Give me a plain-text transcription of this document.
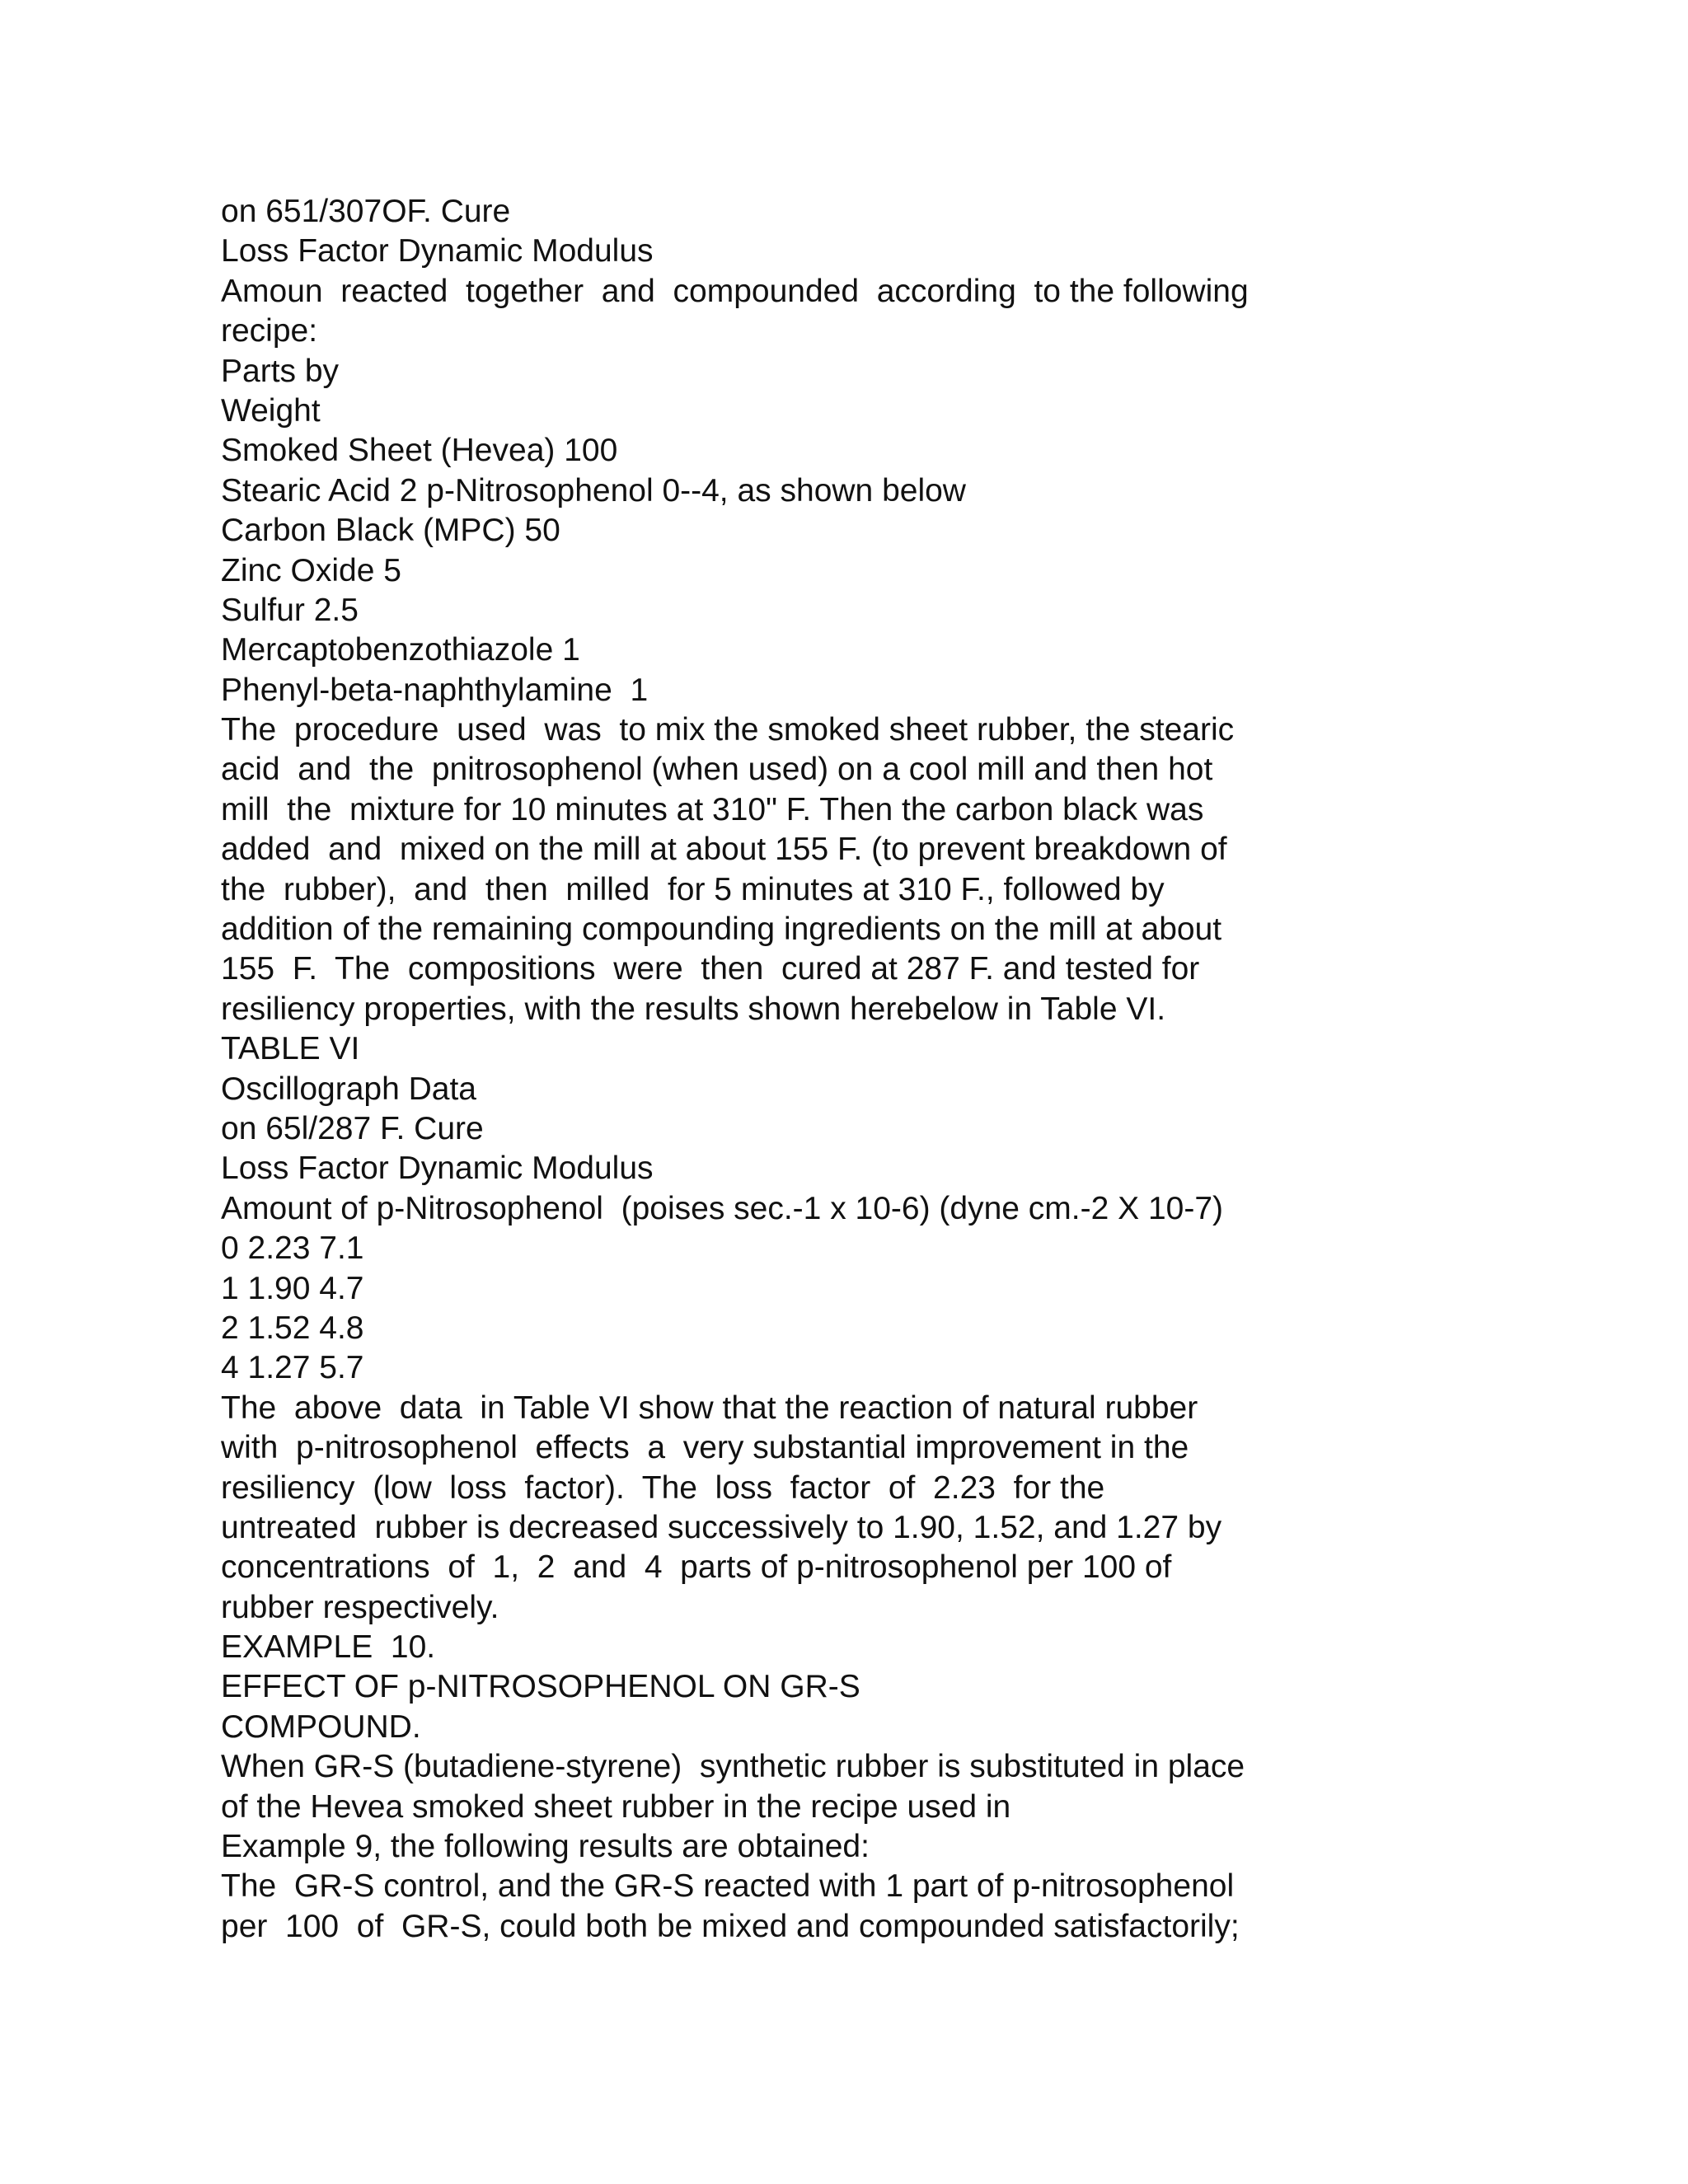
on 651/307OF. Cure
Loss Factor Dynamic Modulus
Amoun  reacted  together  and  compounded  according  to the following
recipe:
Parts by
Weight
Smoked Sheet (Hevea) 100
Stearic Acid 2 p-Nitrosophenol 0--4, as shown below
Carbon Black (MPC) 50
Zinc Oxide 5
Sulfur 2.5
Mercaptobenzothiazole 1
Phenyl-beta-naphthylamine  1
The  procedure  used  was  to mix the smoked sheet rubber, the stearic
acid  and  the  pnitrosophenol (when used) on a cool mill and then hot
mill  the  mixture for 10 minutes at 310" F. Then the carbon black was
added  and  mixed on the mill at about 155 F. (to prevent breakdown of
the  rubber),  and  then  milled  for 5 minutes at 310 F., followed by
addition of the remaining compounding ingredients on the mill at about
155  F.  The  compositions  were  then  cured at 287 F. and tested for
resiliency properties, with the results shown herebelow in Table VI.
TABLE VI
Oscillograph Data
on 65l/287 F. Cure
Loss Factor Dynamic Modulus
Amount of p-Nitrosophenol  (poises sec.-1 x 10-6) (dyne cm.-2 X 10-7)
0 2.23 7.1
1 1.90 4.7
2 1.52 4.8
4 1.27 5.7
The  above  data  in Table VI show that the reaction of natural rubber
with  p-nitrosophenol  effects  a  very substantial improvement in the
resiliency  (low  loss  factor).  The  loss  factor  of  2.23  for the
untreated  rubber is decreased successively to 1.90, 1.52, and 1.27 by
concentrations  of  1,  2  and  4  parts of p-nitrosophenol per 100 of
rubber respectively.
EXAMPLE  10.
EFFECT OF p-NITROSOPHENOL ON GR-S
COMPOUND.
When GR-S (butadiene-styrene)  synthetic rubber is substituted in place
of the Hevea smoked sheet rubber in the recipe used in
Example 9, the following results are obtained:
The  GR-S control, and the GR-S reacted with 1 part of p-nitrosophenol
per  100  of  GR-S, could both be mixed and compounded satisfactorily;
